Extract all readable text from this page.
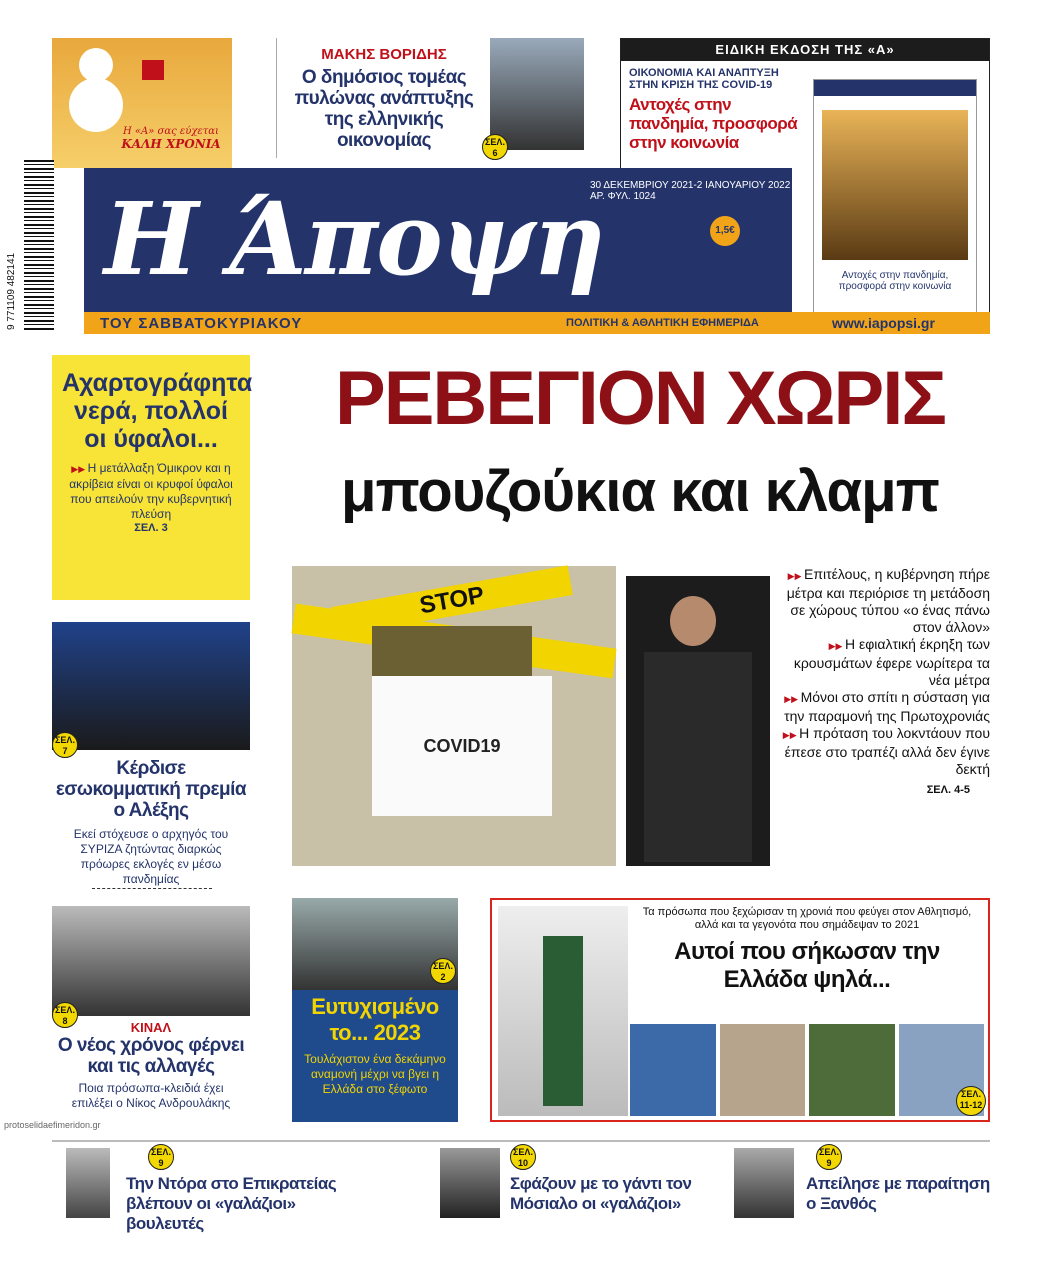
Η «Α» σας εύχεται
ΚΑΛΗ ΧΡΟΝΙΑ
ΜΑΚΗΣ ΒΟΡΙΔΗΣ
Ο δημόσιος τομέας πυλώνας ανάπτυξης της ελληνικής οικονομίας	ΣΕΛ. 6
ΕΙΔΙΚΗ ΕΚΔΟΣΗ ΤΗΣ «Α»
ΟΙΚΟΝΟΜΙΑ ΚΑΙ ΑΝΑΠΤΥΞΗ ΣΤΗΝ ΚΡΙΣΗ ΤΗΣ COVID-19
Αντοχές στην πανδημία, προσφορά στην κοινωνία
Αντοχές στην πανδημία, προσφορά στην κοινωνία
9 771109 482141 Η Άποψη
30 ΔΕΚΕΜΒΡΙΟΥ 2021-2 ΙΑΝΟΥΑΡΙΟΥ 2022
ΑΡ. ΦΥΛ. 1024
1,5€
ΤΟΥ ΣΑΒΒΑΤΟΚΥΡΙΑΚΟΥ	ΠΟΛΙΤΙΚΗ & ΑΘΛΗΤΙΚΗ ΕΦΗΜΕΡΙΔΑ	www.iapopsi.gr
Αχαρτογράφητα νερά, πολλοί οι ύφαλοι...
▶▶ Η μετάλλαξη Όμικρον και η ακρίβεια είναι οι κρυφοί ύφαλοι που απειλούν την κυβερνητική πλεύση
ΣΕΛ. 3
ΣΕΛ. 7
Κέρδισε εσωκομματική πρεμία ο Αλέξης
Εκεί στόχευσε ο αρχηγός του ΣΥΡΙΖΑ ζητώντας διαρκώς πρόωρες εκλογές εν μέσω πανδημίας
ΣΕΛ. 8	ΚΙΝΑΛ
Ο νέος χρόνος φέρνει και τις αλλαγές
Ποια πρόσωπα-κλειδιά έχει επιλέξει ο Νίκος Ανδρουλάκης
ΡΕΒΕΓΙΟΝ ΧΩΡΙΣ
μπουζούκια και κλαμπ
STOP
COVID19
▶▶ Επιτέλους, η κυβέρνηση πήρε μέτρα και περιόρισε τη μετάδοση σε χώρους τύπου «ο ένας πάνω στον άλλον»
▶▶ Η εφιαλτική έκρηξη των κρουσμάτων έφερε νωρίτερα τα νέα μέτρα
▶▶ Μόνοι στο σπίτι η σύσταση για την παραμονή της Πρωτοχρονιάς
▶▶ Η πρόταση του λοκντάουν που έπεσε στο τραπέζι αλλά δεν έγινε δεκτή
ΣΕΛ. 4-5
ΣΕΛ. 2
Ευτυχισμένο το... 2023
Τουλάχιστον ένα δεκάμηνο αναμονή μέχρι να βγει η Ελλάδα στο ξέφωτο
Τα πρόσωπα που ξεχώρισαν τη χρονιά που φεύγει στον Αθλητισμό, αλλά και τα γεγονότα που σημάδεψαν το 2021
Αυτοί που σήκωσαν την Ελλάδα ψηλά...
ΣΕΛ. 11-12
protoselidaefimeridon.gr
ΣΕΛ. 9
Την Ντόρα στο Επικρατείας βλέπουν οι «γαλάζιοι» βουλευτές
ΣΕΛ. 10
Σφάζουν με το γάντι τον Μόσιαλο οι «γαλάζιοι»
ΣΕΛ. 9
Απείλησε με παραίτηση ο Ξανθός
